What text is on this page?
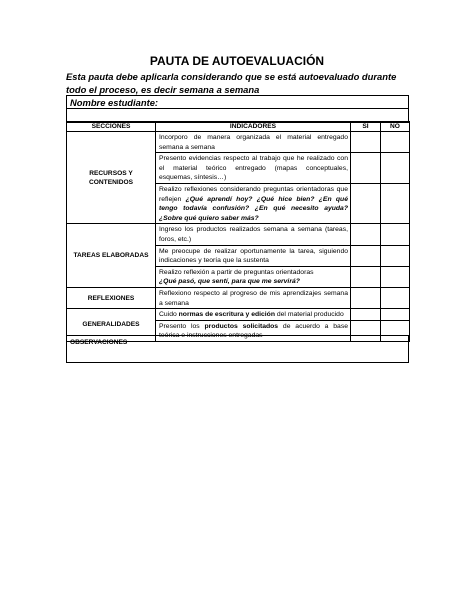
PAUTA DE AUTOEVALUACIÓN
Esta pauta debe aplicarla considerando que se está autoevaluado durante todo el proceso, es decir semana a semana
Nombre estudiante:

SECCIONES	INDICADORES	SI	NO
RECURSOS Y CONTENIDOS	Incorporo de manera organizada el material entregado semana a semana		
	Presento evidencias respecto al trabajo que he realizado con el material teórico entregado (mapas conceptuales, esquemas, síntesis…)		
	Realizo reflexiones considerando preguntas orientadoras que reflejen ¿Qué aprendí hoy? ¿Qué hice bien? ¿En qué tengo todavía confusión? ¿En qué necesito ayuda? ¿Sobre qué quiero saber más?		
TAREAS ELABORADAS	Ingreso los productos realizados semana a semana (tareas, foros, etc.)		
	Me preocupe de realizar oportunamente la tarea, siguiendo indicaciones y teoría que la sustenta		
	Realizo reflexión a partir de preguntas orientadoras
¿Qué pasó, que sentí, para que me servirá?		
REFLEXIONES	Reflexiono respecto al progreso de mis aprendizajes semana a semana		
GENERALIDADES	Cuido normas de escritura y edición del material producido		
	Presento los productos solicitados de acuerdo a base teórica e instrucciones entregadas		
OBSERVACIONES
